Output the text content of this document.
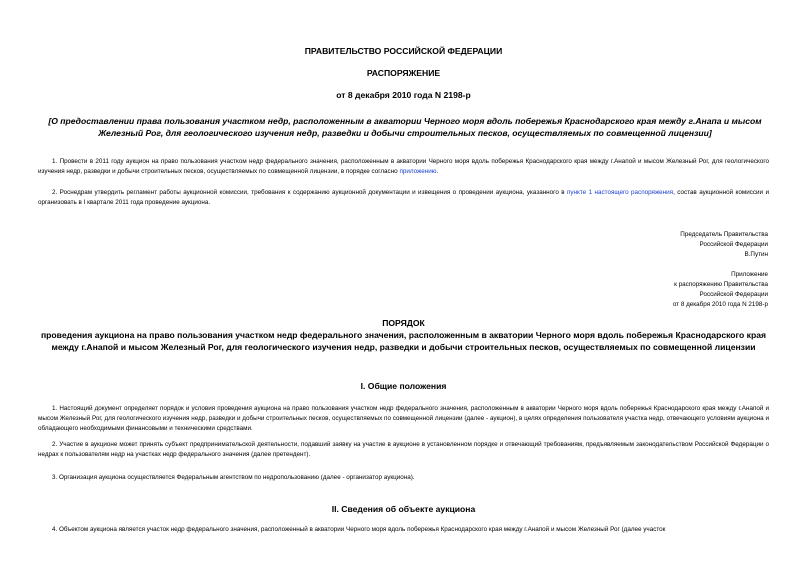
ПРАВИТЕЛЬСТВО РОССИЙСКОЙ ФЕДЕРАЦИИ
РАСПОРЯЖЕНИЕ
от 8 декабря 2010 года N 2198-р
[О предоставлении права пользования участком недр, расположенным в акватории Черного моря вдоль побережья Краснодарского края между г.Анапа и мысом Железный Рог, для геологического изучения недр, разведки и добычи строительных песков, осуществляемых по совмещенной лицензии]
1. Провести в 2011 году аукцион на право пользования участком недр федерального значения, расположенным в акватории Черного моря вдоль побережья Краснодарского края между г.Анапой и мысом Железный Рог, для геологического изучения недр, разведки и добычи строительных песков, осуществляемых по совмещенной лицензии, в порядке согласно приложению.
2. Роснедрам утвердить регламент работы аукционной комиссии, требования к содержанию аукционной документации и извещения о проведении аукциона, указанного в пункте 1 настоящего распоряжения, состав аукционной комиссии и организовать в I квартале 2011 года проведение аукциона.
Председатель Правительства
Российской Федерации
В.Путин
Приложение
к распоряжению Правительства
Российской Федерации
от 8 декабря 2010 года N 2198-р
ПОРЯДОК
проведения аукциона на право пользования участком недр федерального значения, расположенным в акватории Черного моря вдоль побережья Краснодарского края между г.Анапой и мысом Железный Рог, для геологического изучения недр, разведки и добычи строительных песков, осуществляемых по совмещенной лицензии
I. Общие положения
1. Настоящий документ определяет порядок и условия проведения аукциона на право пользования участком недр федерального значения, расположенным в акватории Черного моря вдоль побережья Краснодарского края между г.Анапой и мысом Железный Рог, для геологического изучения недр, разведки и добычи строительных песков, осуществляемых по совмещенной лицензии (далее - аукцион), в целях определения пользователя участка недр, отвечающего условиям аукциона и обладающего необходимыми финансовыми и техническими средствами.
2. Участие в аукционе может принять субъект предпринимательской деятельности, подавший заявку на участие в аукционе в установленном порядке и отвечающий требованиям, предъявляемым законодательством Российской Федерации о недрах к пользователям недр на участках недр федерального значения (далее претендент).
3. Организация аукциона осуществляется Федеральным агентством по недропользованию (далее - организатор аукциона).
II. Сведения об объекте аукциона
4. Объектом аукциона является участок недр федерального значения, расположенный в акватории Черного моря вдоль побережья Краснодарского края между г.Анапой и мысом Железный Рог (далее участок
